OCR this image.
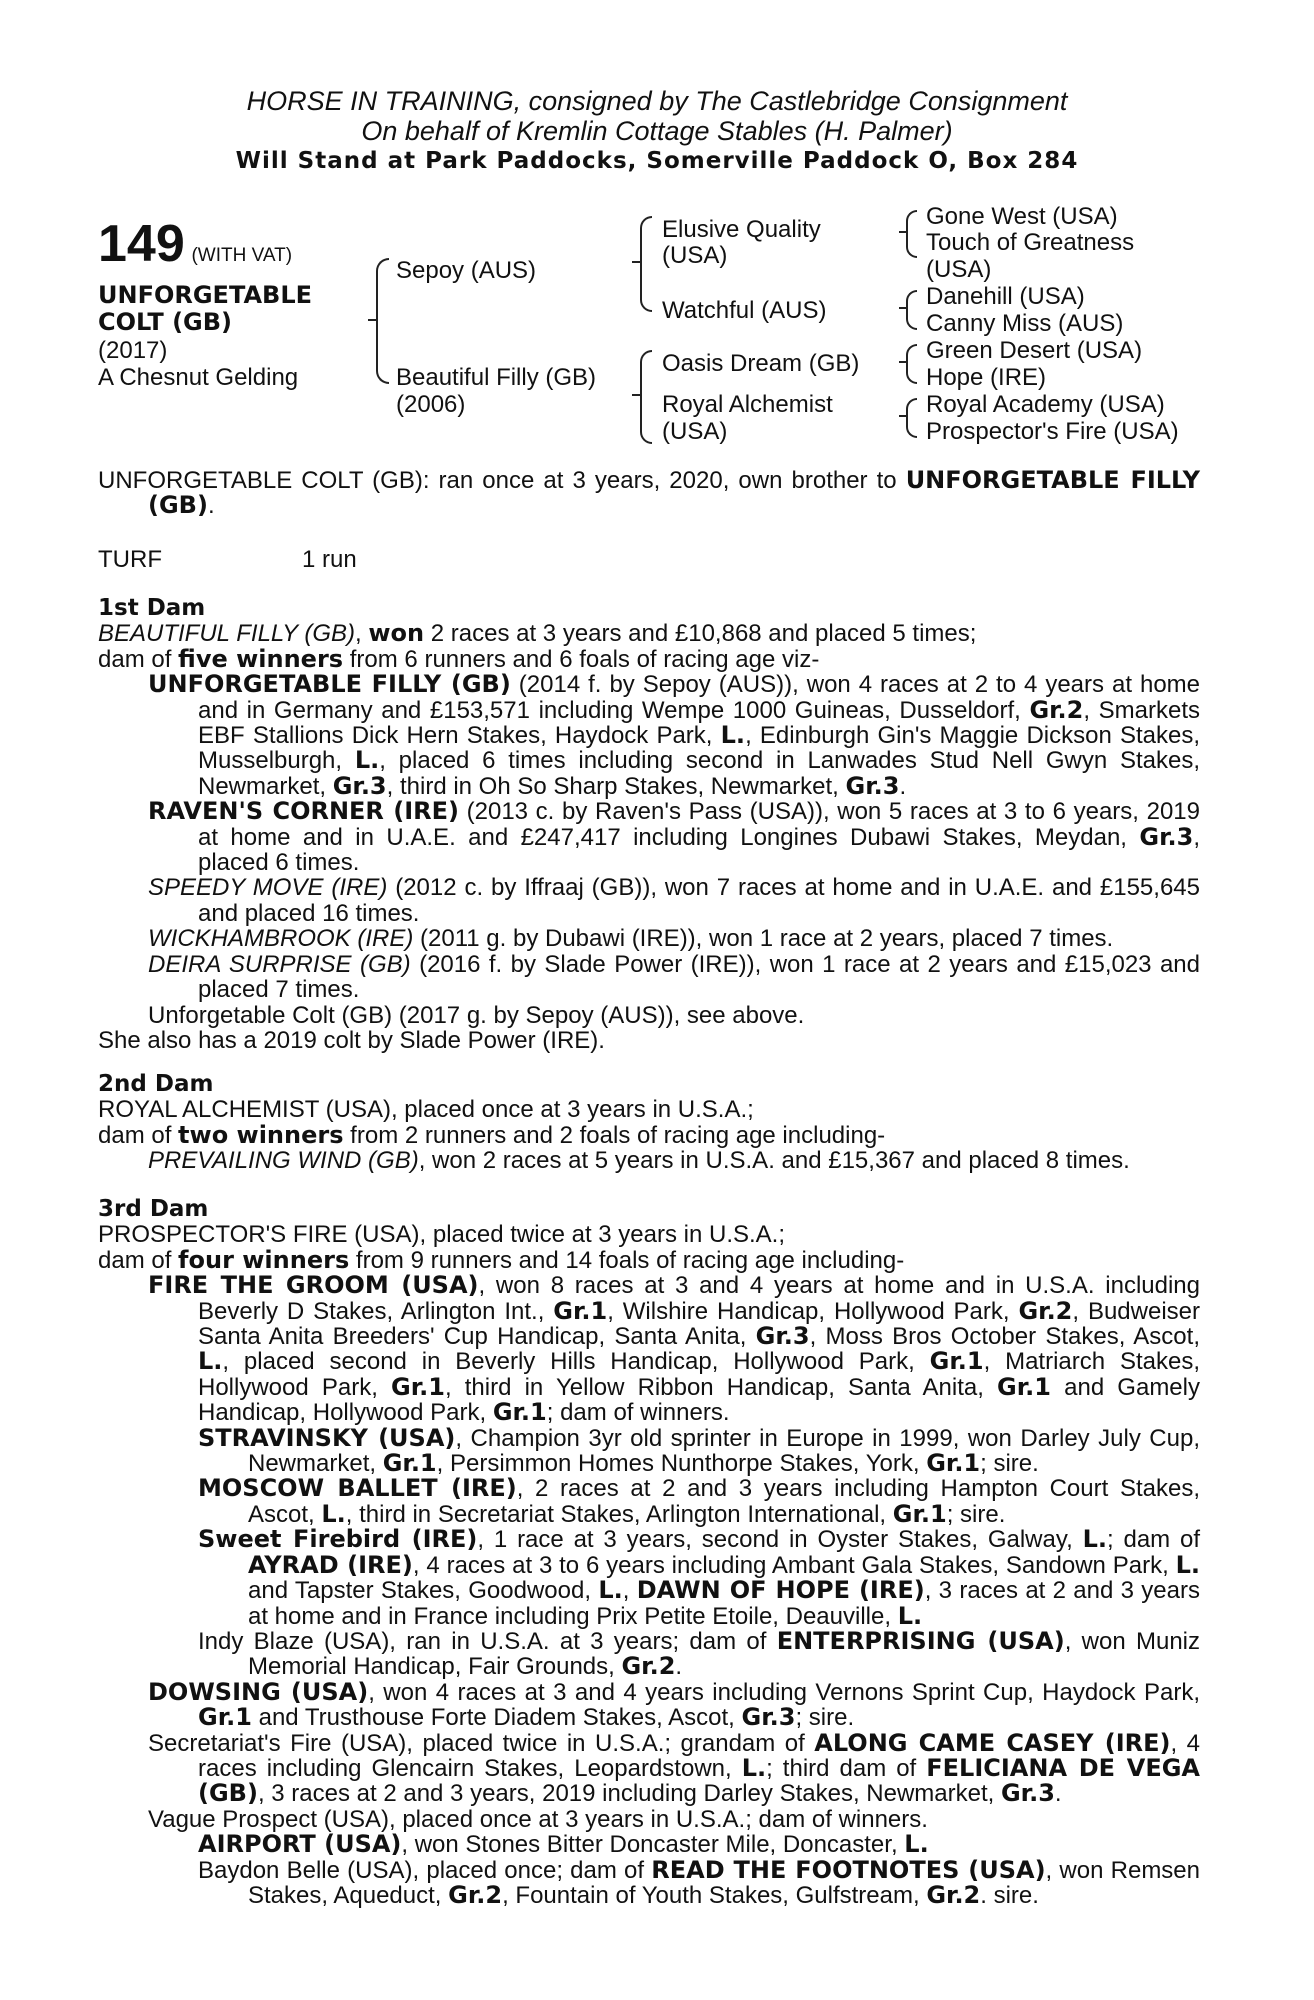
HORSE IN TRAINING, consigned by The Castlebridge Consignment
On behalf of Kremlin Cottage Stables (H. Palmer)
Will Stand at Park Paddocks, Somerville Paddock O, Box 284
149 (WITH VAT)
UNFORGETABLE
COLT (GB)
(2017)
A Chesnut Gelding
Sepoy (AUS)
Beautiful Filly (GB)
(2006)
Elusive Quality
(USA)
Watchful (AUS)
Oasis Dream (GB)
Royal Alchemist
(USA)
Gone West (USA)
Touch of Greatness
(USA)
Danehill (USA)
Canny Miss (AUS)
Green Desert (USA)
Hope (IRE)
Royal Academy (USA)
Prospector's Fire (USA)

UNFORGETABLE COLT (GB): ran once at 3 years, 2020, own brother to UNFORGETABLE FILLY (GB).

TURF	1 run

1st Dam

BEAUTIFUL FILLY (GB), won 2 races at 3 years and £10,868 and placed 5 times;

dam of five winners from 6 runners and 6 foals of racing age viz-

UNFORGETABLE FILLY (GB) (2014 f. by Sepoy (AUS)), won 4 races at 2 to 4 years at home and in Germany and £153,571 including Wempe 1000 Guineas, Dusseldorf, Gr.2, Smarkets EBF Stallions Dick Hern Stakes, Haydock Park, L., Edinburgh Gin's Maggie Dickson Stakes, Musselburgh, L., placed 6 times including second in Lanwades Stud Nell Gwyn Stakes, Newmarket, Gr.3, third in Oh So Sharp Stakes, Newmarket, Gr.3.

RAVEN'S CORNER (IRE) (2013 c. by Raven's Pass (USA)), won 5 races at 3 to 6 years, 2019 at home and in U.A.E. and £247,417 including Longines Dubawi Stakes, Meydan, Gr.3, placed 6 times.

SPEEDY MOVE (IRE) (2012 c. by Iffraaj (GB)), won 7 races at home and in U.A.E. and £155,645 and placed 16 times.

WICKHAMBROOK (IRE) (2011 g. by Dubawi (IRE)), won 1 race at 2 years, placed 7 times.

DEIRA SURPRISE (GB) (2016 f. by Slade Power (IRE)), won 1 race at 2 years and £15,023 and placed 7 times.

Unforgetable Colt (GB) (2017 g. by Sepoy (AUS)), see above.

She also has a 2019 colt by Slade Power (IRE).

2nd Dam

ROYAL ALCHEMIST (USA), placed once at 3 years in U.S.A.;

dam of two winners from 2 runners and 2 foals of racing age including-

PREVAILING WIND (GB), won 2 races at 5 years in U.S.A. and £15,367 and placed 8 times.

3rd Dam

PROSPECTOR'S FIRE (USA), placed twice at 3 years in U.S.A.;

dam of four winners from 9 runners and 14 foals of racing age including-

FIRE THE GROOM (USA), won 8 races at 3 and 4 years at home and in U.S.A. including Beverly D Stakes, Arlington Int., Gr.1, Wilshire Handicap, Hollywood Park, Gr.2, Budweiser Santa Anita Breeders' Cup Handicap, Santa Anita, Gr.3, Moss Bros October Stakes, Ascot, L., placed second in Beverly Hills Handicap, Hollywood Park, Gr.1, Matriarch Stakes, Hollywood Park, Gr.1, third in Yellow Ribbon Handicap, Santa Anita, Gr.1 and Gamely Handicap, Hollywood Park, Gr.1; dam of winners.

STRAVINSKY (USA), Champion 3yr old sprinter in Europe in 1999, won Darley July Cup, Newmarket, Gr.1, Persimmon Homes Nunthorpe Stakes, York, Gr.1; sire.

MOSCOW BALLET (IRE), 2 races at 2 and 3 years including Hampton Court Stakes, Ascot, L., third in Secretariat Stakes, Arlington International, Gr.1; sire.

Sweet Firebird (IRE), 1 race at 3 years, second in Oyster Stakes, Galway, L.; dam of AYRAD (IRE), 4 races at 3 to 6 years including Ambant Gala Stakes, Sandown Park, L. and Tapster Stakes, Goodwood, L., DAWN OF HOPE (IRE), 3 races at 2 and 3 years at home and in France including Prix Petite Etoile, Deauville, L.

Indy Blaze (USA), ran in U.S.A. at 3 years; dam of ENTERPRISING (USA), won Muniz Memorial Handicap, Fair Grounds, Gr.2.

DOWSING (USA), won 4 races at 3 and 4 years including Vernons Sprint Cup, Haydock Park, Gr.1 and Trusthouse Forte Diadem Stakes, Ascot, Gr.3; sire.

Secretariat's Fire (USA), placed twice in U.S.A.; grandam of ALONG CAME CASEY (IRE), 4 races including Glencairn Stakes, Leopardstown, L.; third dam of FELICIANA DE VEGA (GB), 3 races at 2 and 3 years, 2019 including Darley Stakes, Newmarket, Gr.3.

Vague Prospect (USA), placed once at 3 years in U.S.A.; dam of winners.

AIRPORT (USA), won Stones Bitter Doncaster Mile, Doncaster, L.

Baydon Belle (USA), placed once; dam of READ THE FOOTNOTES (USA), won Remsen Stakes, Aqueduct, Gr.2, Fountain of Youth Stakes, Gulfstream, Gr.2. sire.
